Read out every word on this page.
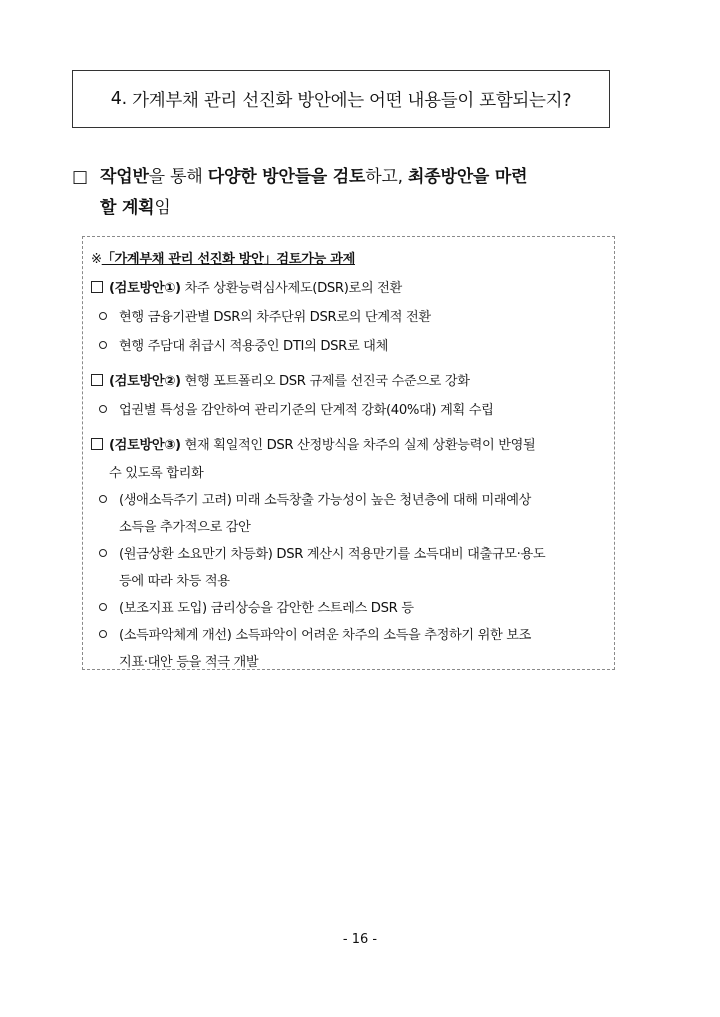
4.
가계부채 관리 선진화 방안에는 어떤 내용들이 포함되는지?
□ 작업반을 통해 다양한 방안들을 검토하고, 최종방안을 마련
할 계획임
※「가계부채 관리 선진화 방안」검토가능 과제
(검토방안①) 차주 상환능력심사제도(DSR)로의 전환
현행 금융기관별 DSR의 차주단위 DSR로의 단계적 전환
현행 주담대 취급시 적용중인 DTI의 DSR로 대체
(검토방안②) 현행 포트폴리오 DSR 규제를 선진국 수준으로 강화
업권별 특성을 감안하여 관리기준의 단계적 강화(40%대) 계획 수립
(검토방안③) 현재 획일적인 DSR 산정방식을 차주의 실제 상환능력이 반영될
수 있도록 합리화
(생애소득주기 고려) 미래 소득창출 가능성이 높은 청년층에 대해 미래예상
소득을 추가적으로 감안
(원금상환 소요만기 차등화) DSR 계산시 적용만기를 소득대비 대출규모·용도
등에 따라 차등 적용
(보조지표 도입) 금리상승을 감안한 스트레스 DSR 등
(소득파악체계 개선) 소득파악이 어려운 차주의 소득을 추정하기 위한 보조
지표·대안 등을 적극 개발
- 16 -
